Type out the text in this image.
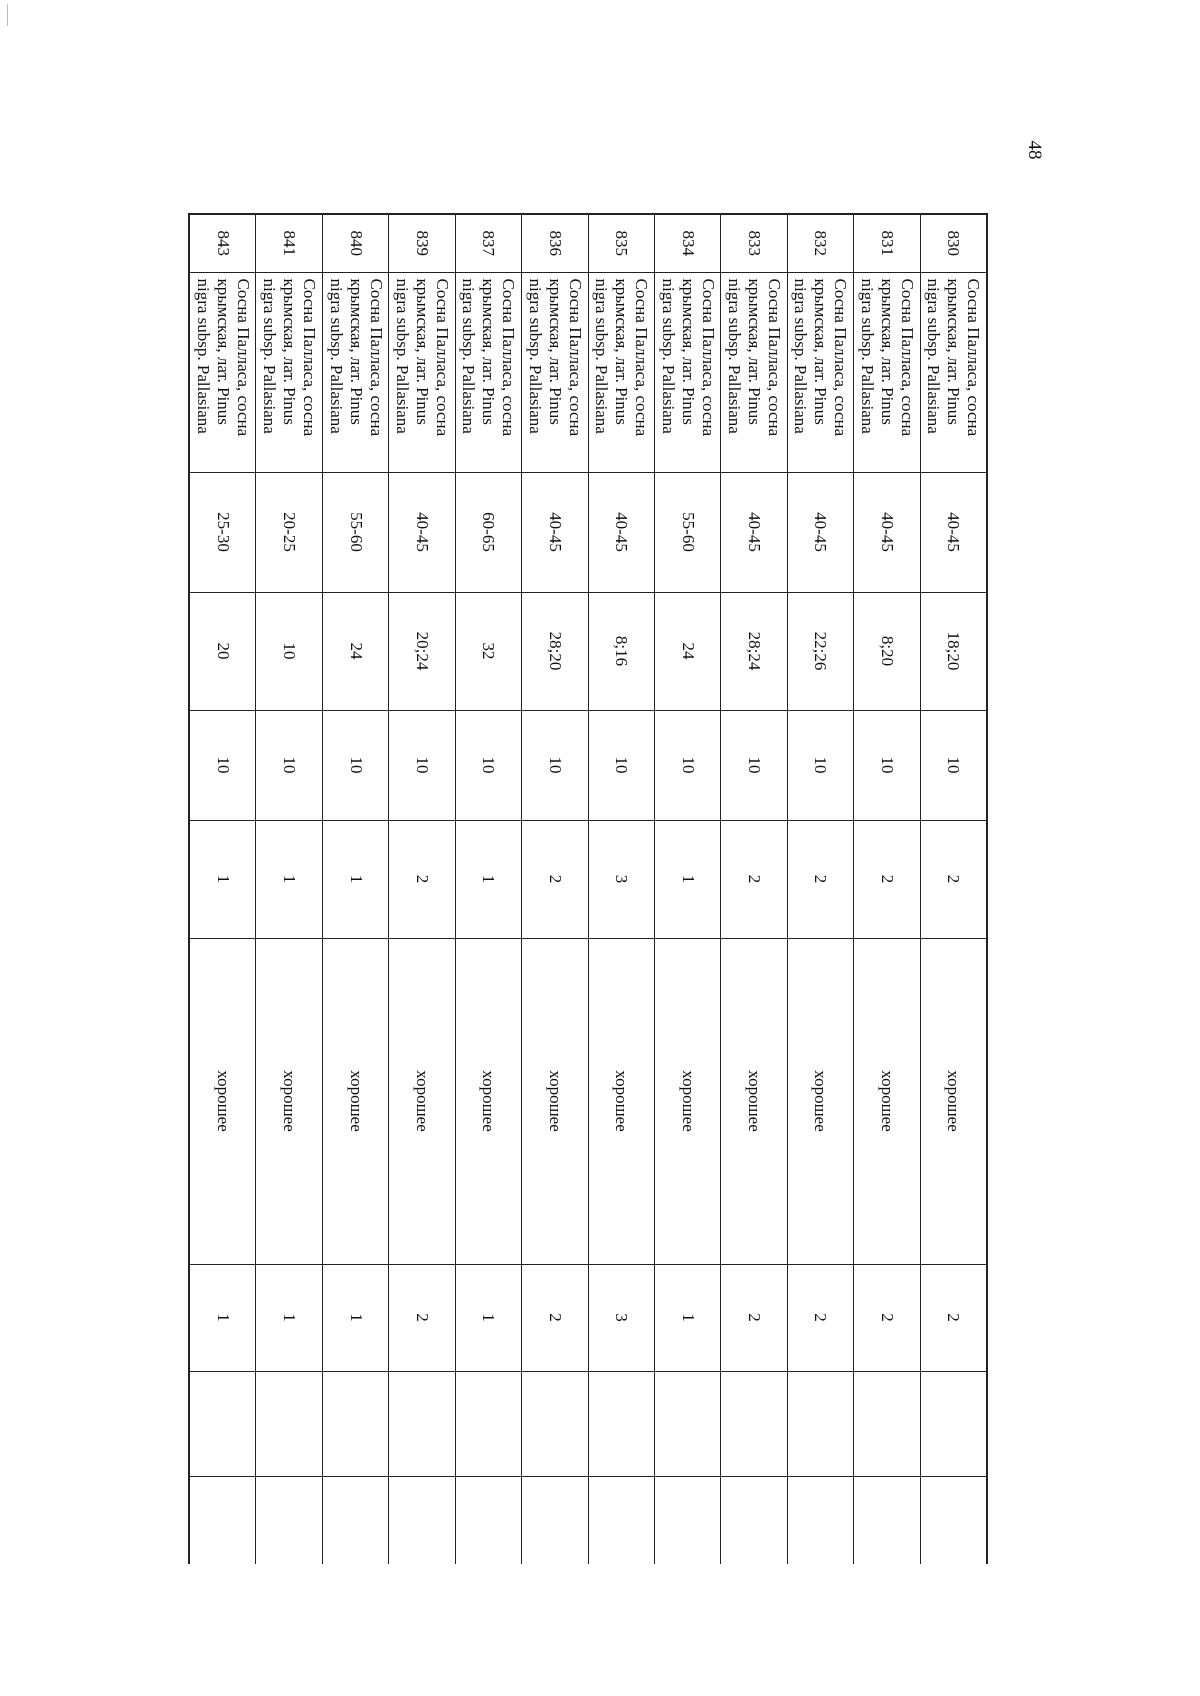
48
830	Сосна Палласа, сосна
крымская, лат. Pinus
nigra subsp. Pallasiana	40-45	18;20	10	2	хорошее	2		
831	Сосна Палласа, сосна
крымская, лат. Pinus
nigra subsp. Pallasiana	40-45	8;20	10	2	хорошее	2		
832	Сосна Палласа, сосна
крымская, лат. Pinus
nigra subsp. Pallasiana	40-45	22;26	10	2	хорошее	2		
833	Сосна Палласа, сосна
крымская, лат. Pinus
nigra subsp. Pallasiana	40-45	28;24	10	2	хорошее	2		
834	Сосна Палласа, сосна
крымская, лат. Pinus
nigra subsp. Pallasiana	55-60	24	10	1	хорошее	1		
835	Сосна Палласа, сосна
крымская, лат. Pinus
nigra subsp. Pallasiana	40-45	8;16	10	3	хорошее	3		
836	Сосна Палласа, сосна
крымская, лат. Pinus
nigra subsp. Pallasiana	40-45	28;20	10	2	хорошее	2		
837	Сосна Палласа, сосна
крымская, лат. Pinus
nigra subsp. Pallasiana	60-65	32	10	1	хорошее	1		
839	Сосна Палласа, сосна
крымская, лат. Pinus
nigra subsp. Pallasiana	40-45	20;24	10	2	хорошее	2		
840	Сосна Палласа, сосна
крымская, лат. Pinus
nigra subsp. Pallasiana	55-60	24	10	1	хорошее	1		
841	Сосна Палласа, сосна
крымская, лат. Pinus
nigra subsp. Pallasiana	20-25	10	10	1	хорошее	1		
843	Сосна Палласа, сосна
крымская, лат. Pinus
nigra subsp. Pallasiana	25-30	20	10	1	хорошее	1		
